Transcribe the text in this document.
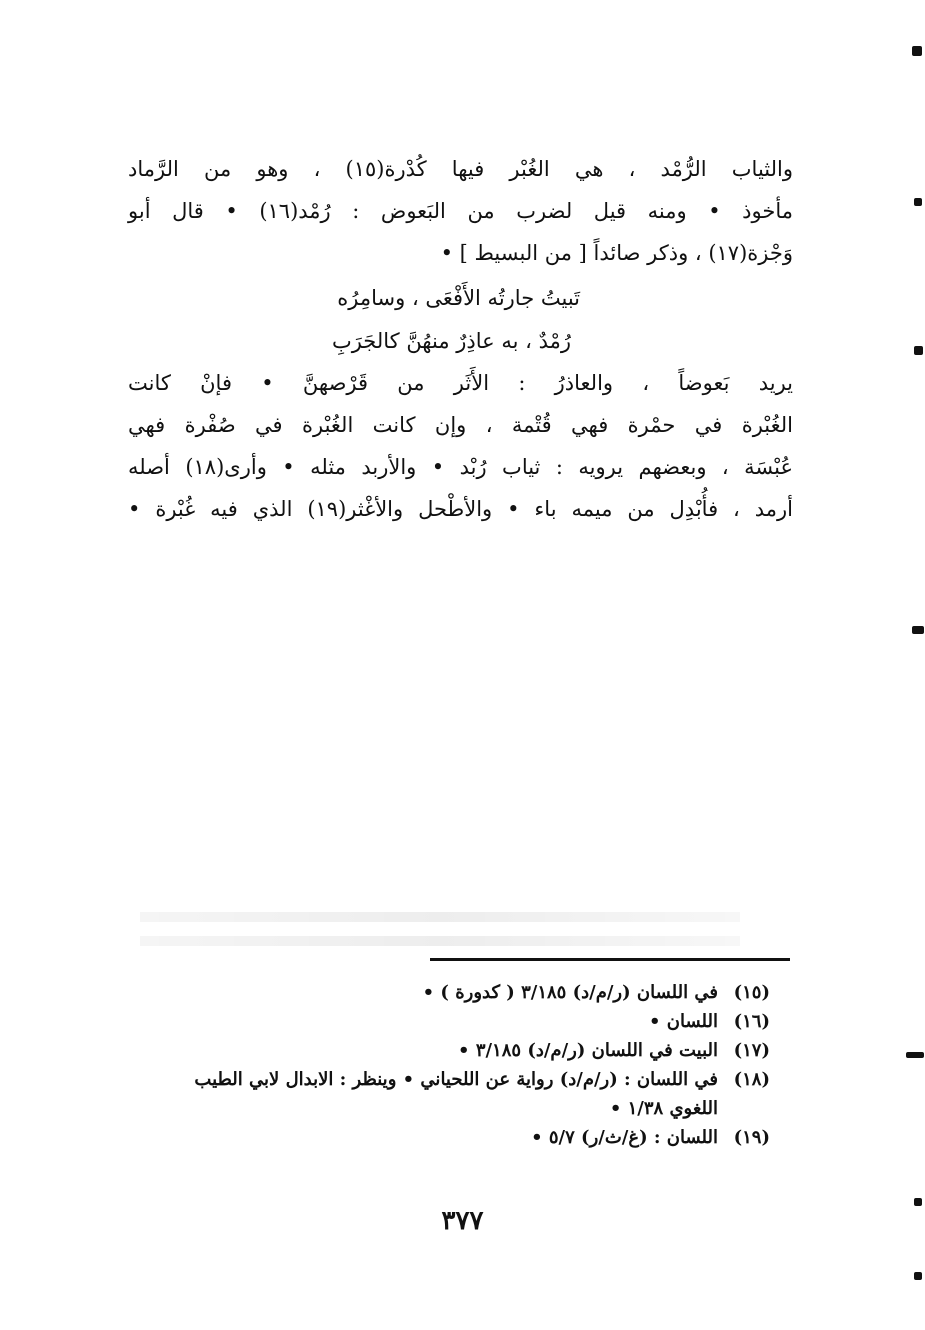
والثياب الرُّمْد ، هي الغُبْر فيها كُدْرة(١٥) ، وهو من الرَّماد
مأخوذ • ومنه قيل لضرب من البَعوض : رُمْد(١٦) • قال أبو
وَجْزة(١٧) ، وذكر صائداً [ من البسيط ] •
تَبيتُ جارتُه الأَفْعَى ، وسامِرُه
رُمْدٌ ، به عاذِرٌ منهُنَّ كالجَرَبِ
يريد بَعوضاً ، والعاذرُ : الأَثَر من قَرْصهنَّ • فإنْ كانت
الغُبْرة في حمْرة فهي قُتْمة ، وإن كانت الغُبْرة في صُفْرة فهي
عُبْسَة ، وبعضهم يرويه : ثياب رُبْد • والأربد مثله • وأرى(١٨) أصله
أرمد ، فأُبْدِل من ميمه باء • والأطْحل والأغْثر(١٩) الذي فيه غُبْرة •
(١٥)
في اللسان (ر/م/د) ٣/١٨٥ ( كدورة ) •
(١٦)
اللسان •
(١٧)
البيت في اللسان (ر/م/د) ٣/١٨٥ •
(١٨)
في اللسان : (ر/م/د) رواية عن اللحياني • وينظر : الابدال لابي الطيب اللغوي ١/٣٨ •
(١٩)
اللسان : (غ/ث/ر) ٥/٧ •
٣٧٧
